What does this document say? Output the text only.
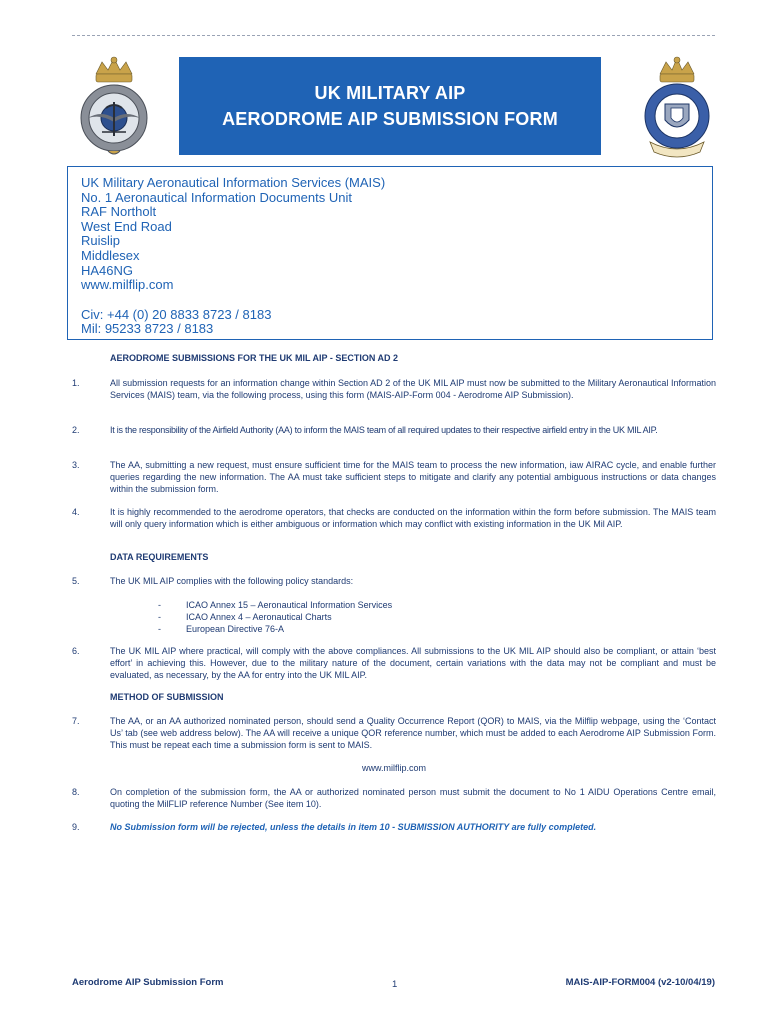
UK MILITARY AIP
AERODROME AIP SUBMISSION FORM
UK Military Aeronautical Information Services (MAIS)
No. 1 Aeronautical Information Documents Unit
RAF Northolt
West End Road
Ruislip
Middlesex
HA46NG
www.milflip.com
Civ: +44 (0) 20 8833 8723 / 8183
Mil: 95233 8723 / 8183
AERODROME SUBMISSIONS FOR THE UK MIL AIP - SECTION AD 2
1.	All submission requests for an information change within Section AD 2 of the UK MIL AIP must now be submitted to the Military Aeronautical Information Services (MAIS) team, via the following process, using this form (MAIS-AIP-Form 004 - Aerodrome AIP Submission).
2.	It is the responsibility of the Airfield Authority (AA) to inform the MAIS team of all required updates to their respective airfield entry in the UK MIL AIP.
3.	The AA, submitting a new request, must ensure sufficient time for the MAIS team to process the new information, iaw AIRAC cycle, and enable further queries regarding the new information. The AA must take sufficient steps to mitigate and clarify any potential ambiguous instructions or data changes within the submission form.
4.	It is highly recommended to the aerodrome operators, that checks are conducted on the information within the form before submission. The MAIS team will only query information which is either ambiguous or information which may conflict with existing information in the UK Mil AIP.
DATA REQUIREMENTS
5.	The UK MIL AIP complies with the following policy standards:
-	ICAO Annex 15 – Aeronautical Information Services
-	ICAO Annex 4 – Aeronautical Charts
-	European Directive 76-A
6.	The UK MIL AIP where practical, will comply with the above compliances. All submissions to the UK MIL AIP should also be compliant, or attain ‘best effort’ in achieving this. However, due to the military nature of the document, certain variations with the data may not be compliant and must be evaluated, as necessary, by the AA for entry into the UK MIL AIP.
METHOD OF SUBMISSION
7.	The AA, or an AA authorized nominated person, should send a Quality Occurrence Report (QOR) to MAIS, via the Milflip webpage, using the ‘Contact Us’ tab (see web address below). The AA will receive a unique QOR reference number, which must be added to each Aerodrome AIP Submission Form. This must be repeat each time a submission form is sent to MAIS.
www.milflip.com
8.	On completion of the submission form, the AA or authorized nominated person must submit the document to No 1 AIDU Operations Centre email, quoting the MilFLIP reference Number (See item 10).
9.	No Submission form will be rejected, unless the details in item 10 - SUBMISSION AUTHORITY are fully completed.
Aerodrome AIP Submission Form	1	MAIS-AIP-FORM004 (v2-10/04/19)
